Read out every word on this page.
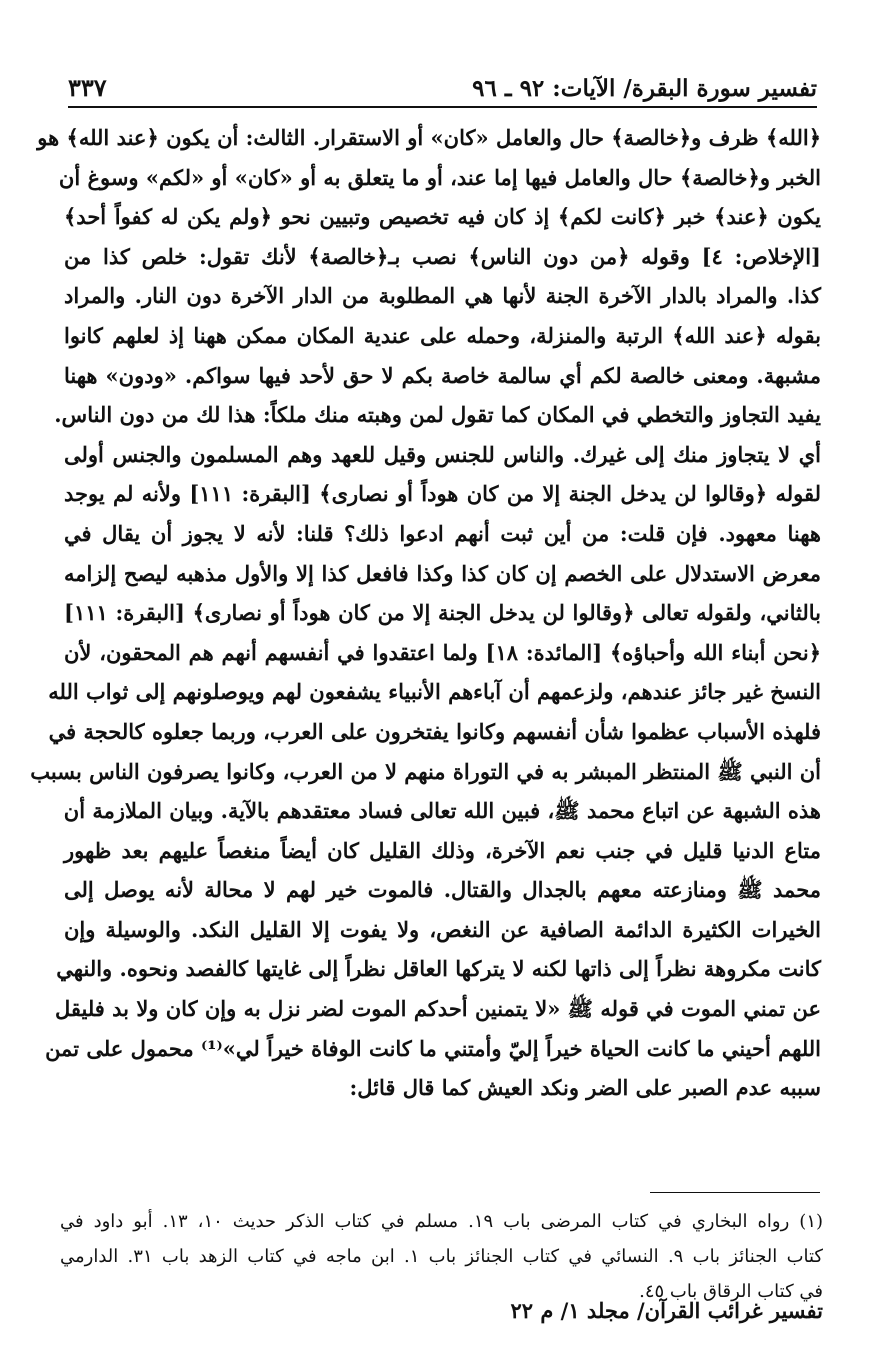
تفسير سورة البقرة/ الآيات: ٩٢ ـ ٩٦
٣٣٧
﴿الله﴾ ظرف و﴿خالصة﴾ حال والعامل «كان» أو الاستقرار. الثالث: أن يكون ﴿عند الله﴾ هو
الخبر و﴿خالصة﴾ حال والعامل فيها إما عند، أو ما يتعلق به أو «كان» أو «لكم» وسوغ أن
يكون ﴿عند﴾ خبر ﴿كانت لكم﴾ إذ كان فيه تخصيص وتبيين نحو ﴿ولم يكن له كفواً أحد﴾
[الإخلاص: ٤] وقوله ﴿من دون الناس﴾ نصب بـ﴿خالصة﴾ لأنك تقول: خلص كذا من
كذا. والمراد بالدار الآخرة الجنة لأنها هي المطلوبة من الدار الآخرة دون النار. والمراد
بقوله ﴿عند الله﴾ الرتبة والمنزلة، وحمله على عندية المكان ممكن ههنا إذ لعلهم كانوا
مشبهة. ومعنى خالصة لكم أي سالمة خاصة بكم لا حق لأحد فيها سواكم. «ودون» ههنا
يفيد التجاوز والتخطي في المكان كما تقول لمن وهبته منك ملكاً: هذا لك من دون الناس.
أي لا يتجاوز منك إلى غيرك. والناس للجنس وقيل للعهد وهم المسلمون والجنس أولى
لقوله ﴿وقالوا لن يدخل الجنة إلا من كان هوداً أو نصارى﴾ [البقرة: ١١١] ولأنه لم يوجد
ههنا معهود. فإن قلت: من أين ثبت أنهم ادعوا ذلك؟ قلنا: لأنه لا يجوز أن يقال في
معرض الاستدلال على الخصم إن كان كذا وكذا فافعل كذا إلا والأول مذهبه ليصح إلزامه
بالثاني، ولقوله تعالى ﴿وقالوا لن يدخل الجنة إلا من كان هوداً أو نصارى﴾ [البقرة: ١١١]
﴿نحن أبناء الله وأحباؤه﴾ [المائدة: ١٨] ولما اعتقدوا في أنفسهم أنهم هم المحقون، لأن
النسخ غير جائز عندهم، ولزعمهم أن آباءهم الأنبياء يشفعون لهم ويوصلونهم إلى ثواب الله
فلهذه الأسباب عظموا شأن أنفسهم وكانوا يفتخرون على العرب، وربما جعلوه كالحجة في
أن النبي ﷺ المنتظر المبشر به في التوراة منهم لا من العرب، وكانوا يصرفون الناس بسبب
هذه الشبهة عن اتباع محمد ﷺ، فبين الله تعالى فساد معتقدهم بالآية. وبيان الملازمة أن
متاع الدنيا قليل في جنب نعم الآخرة، وذلك القليل كان أيضاً منغصاً عليهم بعد ظهور
محمد ﷺ ومنازعته معهم بالجدال والقتال. فالموت خير لهم لا محالة لأنه يوصل إلى
الخيرات الكثيرة الدائمة الصافية عن النغص، ولا يفوت إلا القليل النكد. والوسيلة وإن
كانت مكروهة نظراً إلى ذاتها لكنه لا يتركها العاقل نظراً إلى غايتها كالفصد ونحوه. والنهي
عن تمني الموت في قوله ﷺ «لا يتمنين أحدكم الموت لضر نزل به وإن كان ولا بد فليقل
اللهم أحيني ما كانت الحياة خيراً إليّ وأمتني ما كانت الوفاة خيراً لي»⁽¹⁾ محمول على تمن
سببه عدم الصبر على الضر ونكد العيش كما قال قائل:
(١) رواه البخاري في كتاب المرضى باب ١٩. مسلم في كتاب الذكر حديث ١٠، ١٣. أبو داود في
كتاب الجنائز باب ٩. النسائي في كتاب الجنائز باب ١. ابن ماجه في كتاب الزهد باب ٣١. الدارمي
في كتاب الرقاق باب ٤٥.
تفسير غرائب القرآن/ مجلد ١/ م ٢٢
